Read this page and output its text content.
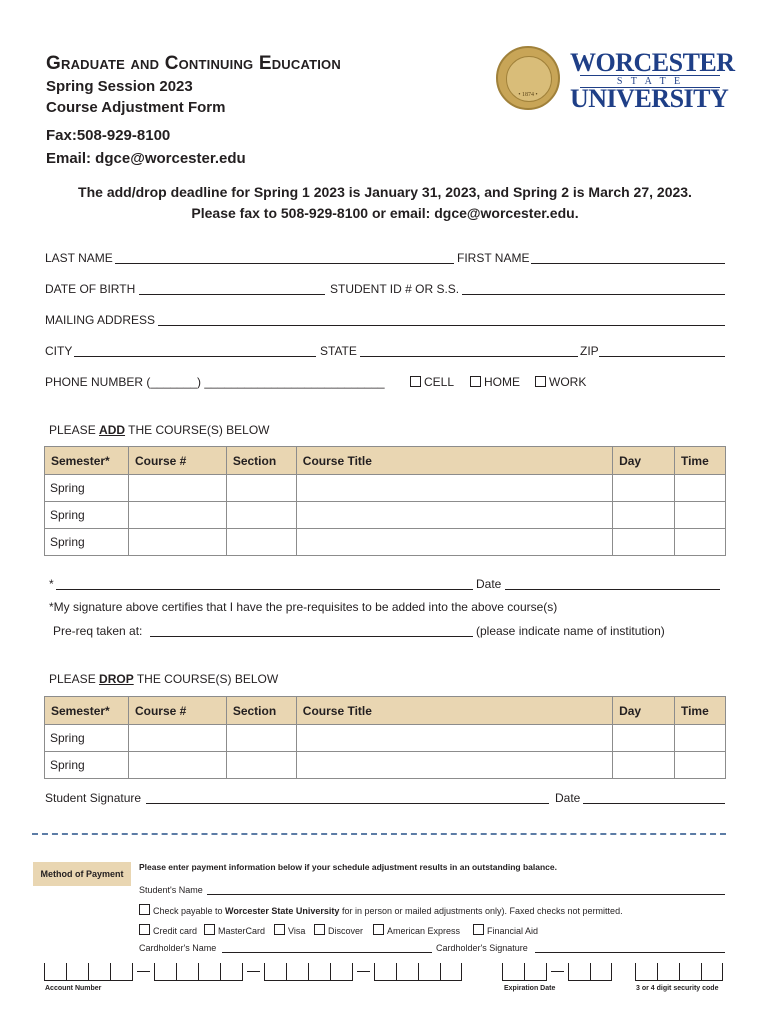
Graduate and Continuing Education
Spring Session 2023
Course Adjustment Form
Fax:508-929-8100
Email: dgce@worcester.edu
• 1874 •
WORCESTER
S T A T E
UNIVERSITY
The add/drop deadline for Spring 1 2023 is January 31, 2023, and Spring 2 is March 27, 2023.
Please fax to 508-929-8100 or email: dgce@worcester.edu.
LAST NAME	FIRST NAME
DATE OF BIRTH	STUDENT ID # OR S.S.
MAILING ADDRESS
CITY	STATE	ZIP
PHONE NUMBER (_______) ___________________________	CELL	HOME	WORK
PLEASE ADD THE COURSE(S) BELOW
Semester*	Course #	Section	Course Title	Day	Time
Spring					
Spring					
Spring					
*	Date
*My signature above certifies that I have the pre-requisites to be added into the above course(s)
Pre-req taken at:	(please indicate name of institution)
PLEASE DROP THE COURSE(S) BELOW
Semester*	Course #	Section	Course Title	Day	Time
Spring					
Spring					
Student Signature	Date
Method of Payment
Please enter payment information below if your schedule adjustment results in an outstanding balance.
Student's Name
Check payable to Worcester State University for in person or mailed adjustments only). Faxed checks not permitted.
Credit card	MasterCard	Visa	Discover	American Express	Financial Aid
Cardholder's Name	Cardholder's Signature
Account Number	Expiration Date	3 or 4 digit security code
